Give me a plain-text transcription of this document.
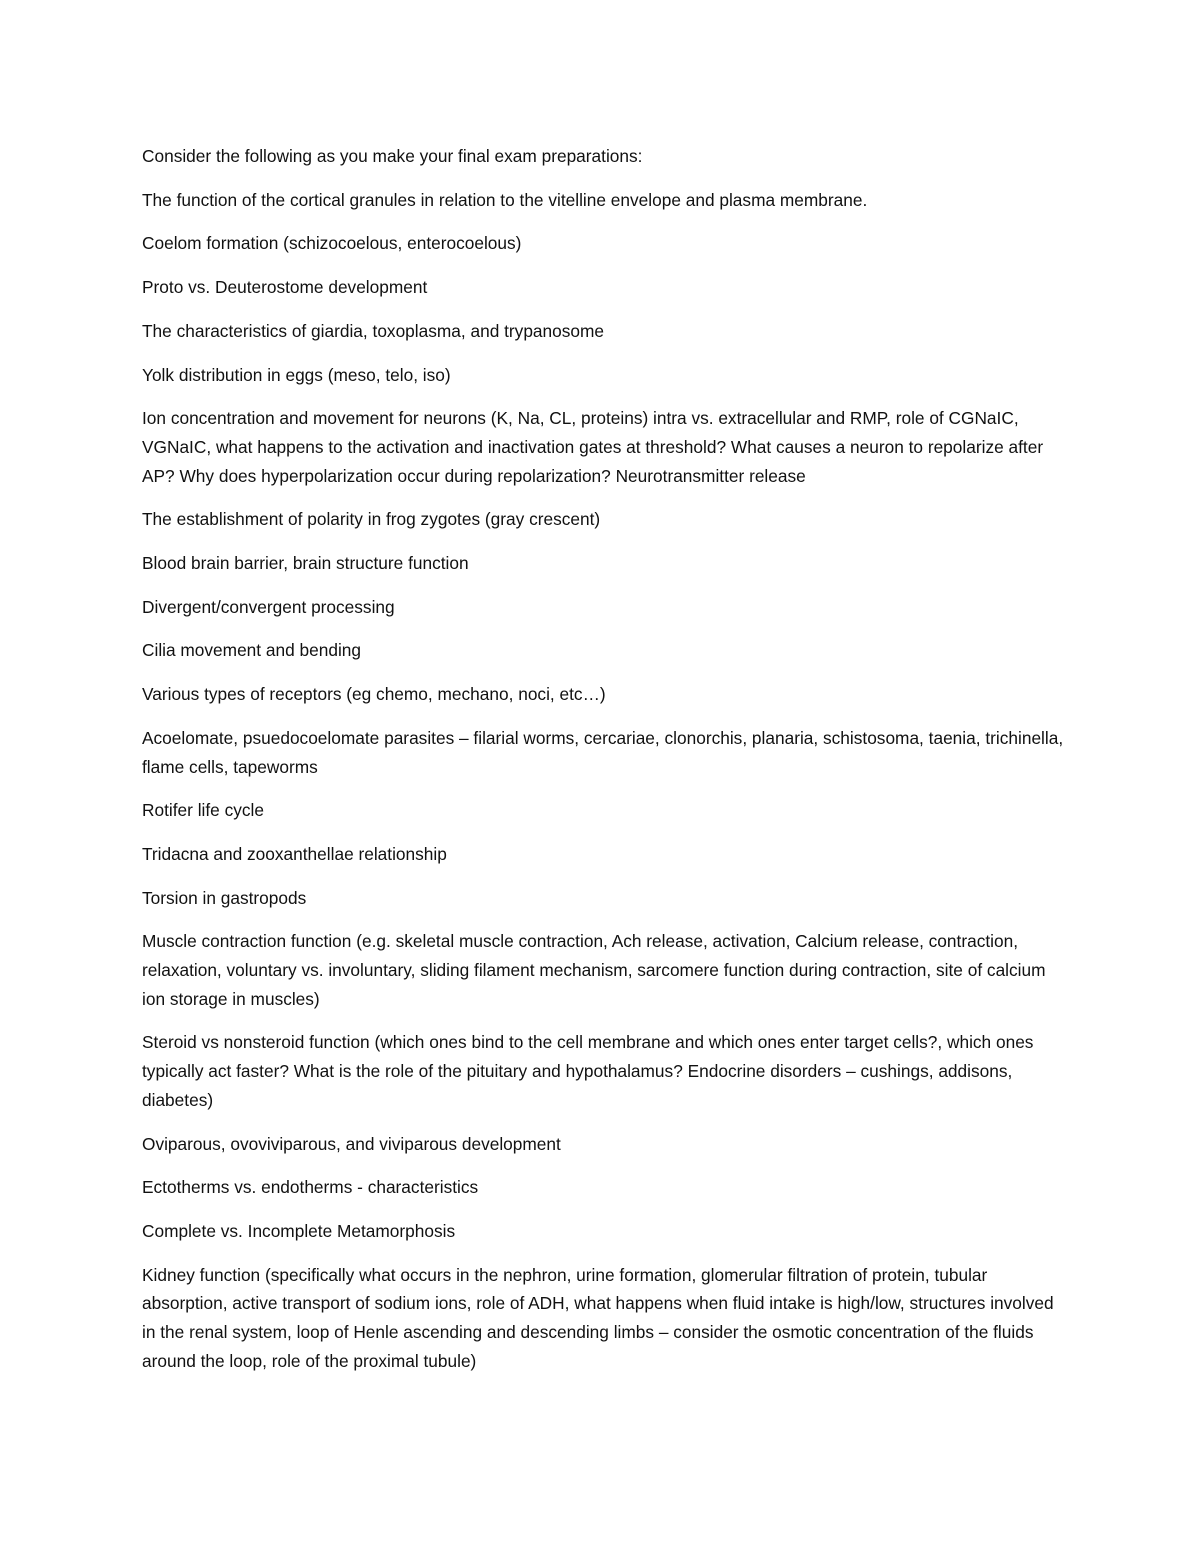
Consider the following as you make your final exam preparations:

The function of the cortical granules in relation to the vitelline envelope and plasma membrane.

Coelom formation (schizocoelous, enterocoelous)

Proto vs. Deuterostome development

The characteristics of giardia, toxoplasma, and trypanosome

Yolk distribution in eggs (meso, telo, iso)

Ion concentration and movement for neurons (K, Na, CL, proteins) intra vs. extracellular and RMP, role of CGNaIC, VGNaIC, what happens to the activation and inactivation gates at threshold? What causes a neuron to repolarize after AP? Why does hyperpolarization occur during repolarization? Neurotransmitter release

The establishment of polarity in frog zygotes (gray crescent)

Blood brain barrier, brain structure function

Divergent/convergent processing

Cilia movement and bending

Various types of receptors (eg chemo, mechano, noci, etc…)

Acoelomate, psuedocoelomate parasites – filarial worms, cercariae, clonorchis, planaria, schistosoma, taenia, trichinella, flame cells, tapeworms

Rotifer life cycle

Tridacna and zooxanthellae relationship

Torsion in gastropods

Muscle contraction function (e.g. skeletal muscle contraction, Ach release, activation, Calcium release, contraction, relaxation, voluntary vs. involuntary, sliding filament mechanism, sarcomere function during contraction, site of calcium ion storage in muscles)

Steroid vs nonsteroid function (which ones bind to the cell membrane and which ones enter target cells?, which ones typically act faster? What is the role of the pituitary and hypothalamus? Endocrine disorders – cushings, addisons, diabetes)

Oviparous, ovoviviparous, and viviparous development

Ectotherms vs. endotherms - characteristics

Complete vs. Incomplete Metamorphosis

Kidney function (specifically what occurs in the nephron, urine formation, glomerular filtration of protein, tubular absorption, active transport of sodium ions, role of ADH, what happens when fluid intake is high/low, structures involved in the renal system, loop of Henle ascending and descending limbs – consider the osmotic concentration of the fluids around the loop, role of the proximal tubule)
